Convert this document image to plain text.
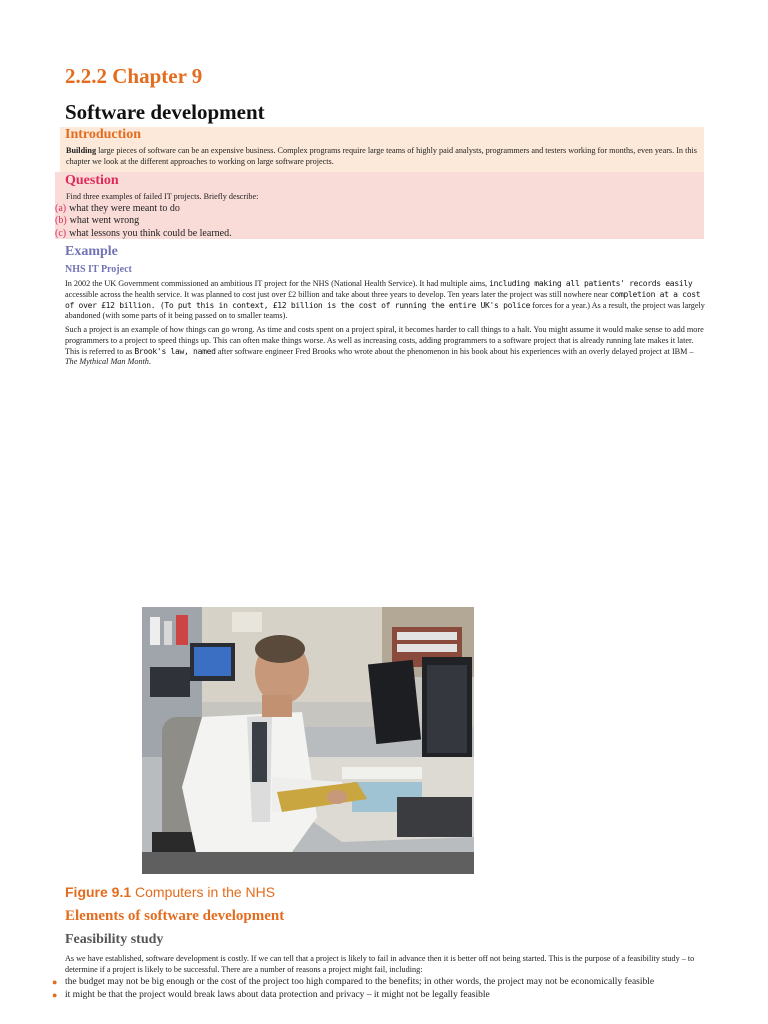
2.2.2 Chapter 9
Software development
Introduction

Building large pieces of software can be an expensive business. Complex programs require large teams of highly paid analysts, programmers and testers working for months, even years. In this chapter we look at the different approaches to working on large software projects.

Question

Find three examples of failed IT projects. Briefly describe:

(a) what they were meant to do
(b) what went wrong
(c) what lessons you think could be learned.
Example
NHS IT Project

In 2002 the UK Government commissioned an ambitious IT project for the NHS (National Health Service). It had multiple aims, including making all patients' records easily accessible across the health service. It was planned to cost just over £2 billion and take about three years to develop. Ten years later the project was still nowhere near completion at a cost of over £12 billion. (To put this in context, £12 billion is the cost of running the entire UK's police forces for a year.) As a result, the project was largely abandoned (with some parts of it being passed on to smaller teams).

Such a project is an example of how things can go wrong. As time and costs spent on a project spiral, it becomes harder to call things to a halt. You might assume it would make sense to add more programmers to a project to speed things up. This can often make things worse. As well as increasing costs, adding programmers to a software project that is already running late makes it later. This is referred to as Brook's law, named after software engineer Fred Brooks who wrote about the phenomenon in his book about his experiences with an overly delayed project at IBM – The Mythical Man Month.

Figure 9.1 Computers in the NHS

Elements of software development
Feasibility study

As we have established, software development is costly. If we can tell that a project is likely to fail in advance then it is better off not being started. This is the purpose of a feasibility study – to determine if a project is likely to be successful. There are a number of reasons a project might fail, including:

● the budget may not be big enough or the cost of the project too high compared to the benefits; in other words, the project may not be economically feasible
● it might be that the project would break laws about data protection and privacy – it might not be legally feasible
